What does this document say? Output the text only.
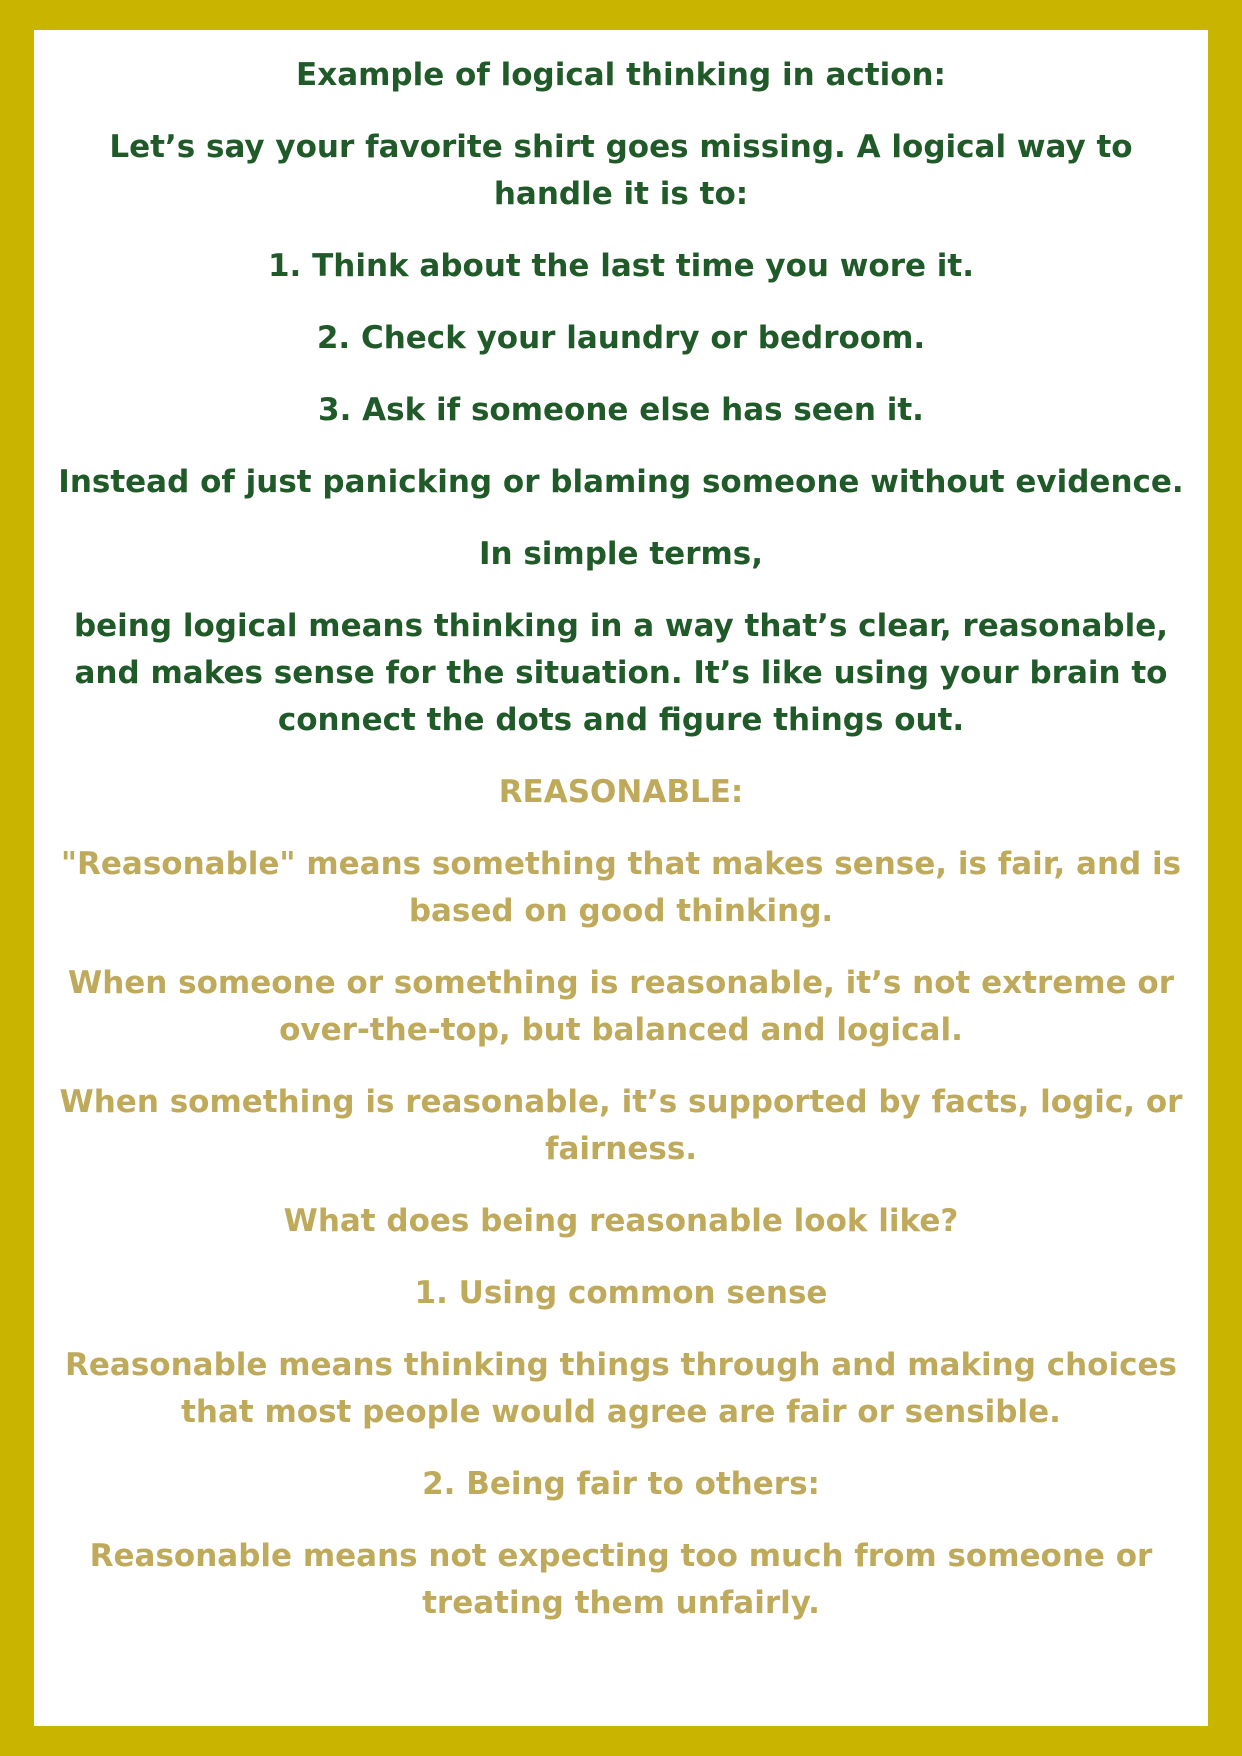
Example of logical thinking in action:

Let’s say your favorite shirt goes missing. A logical way to handle it is to:

1. Think about the last time you wore it.

2. Check your laundry or bedroom.

3. Ask if someone else has seen it.

Instead of just panicking or blaming someone without evidence.

In simple terms,

being logical means thinking in a way that’s clear, reasonable, and makes sense for the situation. It’s like using your brain to connect the dots and figure things out.

REASONABLE:

"Reasonable" means something that makes sense, is fair, and is based on good thinking.

When someone or something is reasonable, it’s not extreme or over-the-top, but balanced and logical.

When something is reasonable, it’s supported by facts, logic, or fairness.

What does being reasonable look like?

1. Using common sense

Reasonable means thinking things through and making choices that most people would agree are fair or sensible.

2. Being fair to others:

Reasonable means not expecting too much from someone or treating them unfairly.
